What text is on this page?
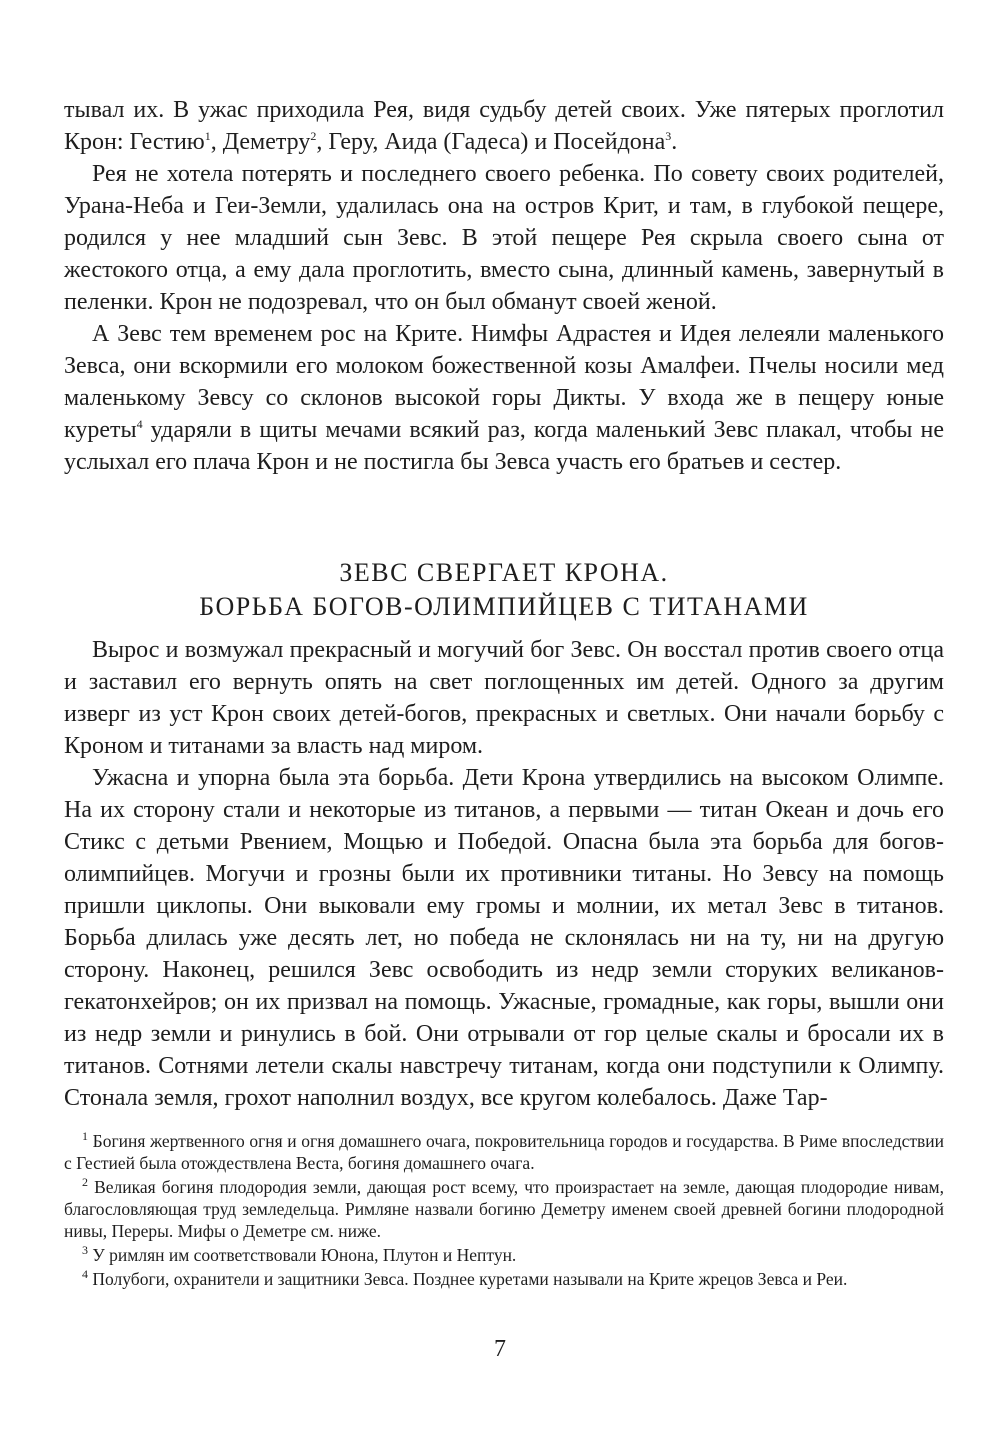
тывал их. В ужас приходила Рея, видя судьбу детей своих. Уже пятерых проглотил Крон: Гестию$^1$, Деметру$^2$, Геру, Аида (Гадеса) и Посейдона$^3$.

Рея не хотела потерять и последнего своего ребенка. По совету своих родителей, Урана-Неба и Геи-Земли, удалилась она на остров Крит, и там, в глубокой пещере, родился у нее младший сын Зевс. В этой пещере Рея скрыла своего сына от жестокого отца, а ему дала проглотить, вместо сына, длинный камень, завернутый в пеленки. Крон не подозревал, что он был обманут своей женой.

А Зевс тем временем рос на Крите. Нимфы Адрастея и Идея лелеяли маленького Зевса, они вскормили его молоком божественной козы Амалфеи. Пчелы носили мед маленькому Зевсу со склонов высокой горы Дикты. У входа же в пещеру юные куреты$^4$ ударяли в щиты мечами всякий раз, когда маленький Зевс плакал, чтобы не услыхал его плача Крон и не постигла бы Зевса участь его братьев и сестер.

ЗЕВС СВЕРГАЕТ КРОНА.
БОРЬБА БОГОВ-ОЛИМПИЙЦЕВ С ТИТАНАМИ

Вырос и возмужал прекрасный и могучий бог Зевс. Он восстал против своего отца и заставил его вернуть опять на свет поглощенных им детей. Одного за другим изверг из уст Крон своих детей-богов, прекрасных и светлых. Они начали борьбу с Кроном и титанами за власть над миром.

Ужасна и упорна была эта борьба. Дети Крона утвердились на высоком Олимпе. На их сторону стали и некоторые из титанов, а первыми — титан Океан и дочь его Стикс с детьми Рвением, Мощью и Победой. Опасна была эта борьба для богов-олимпийцев. Могучи и грозны были их противники титаны. Но Зевсу на помощь пришли циклопы. Они выковали ему громы и молнии, их метал Зевс в титанов. Борьба длилась уже десять лет, но победа не склонялась ни на ту, ни на другую сторону. Наконец, решился Зевс освободить из недр земли сторуких великанов-гекатонхейров; он их призвал на помощь. Ужасные, громадные, как горы, вышли они из недр земли и ринулись в бой. Они отрывали от гор целые скалы и бросали их в титанов. Сотнями летели скалы навстречу титанам, когда они подступили к Олимпу. Стонала земля, грохот наполнил воздух, все кругом колебалось. Даже Тар-

$^1$ Богиня жертвенного огня и огня домашнего очага, покровительница городов и государства. В Риме впоследствии с Гестией была отождествлена Веста, богиня домашнего очага.

$^2$ Великая богиня плодородия земли, дающая рост всему, что произрастает на земле, дающая плодородие нивам, благословляющая труд земледельца. Римляне назвали богиню Деметру именем своей древней богини плодородной нивы, Переры. Мифы о Деметре см. ниже.

$^3$ У римлян им соответствовали Юнона, Плутон и Нептун.

$^4$ Полубоги, охранители и защитники Зевса. Позднее куретами называли на Крите жрецов Зевса и Реи.

7
